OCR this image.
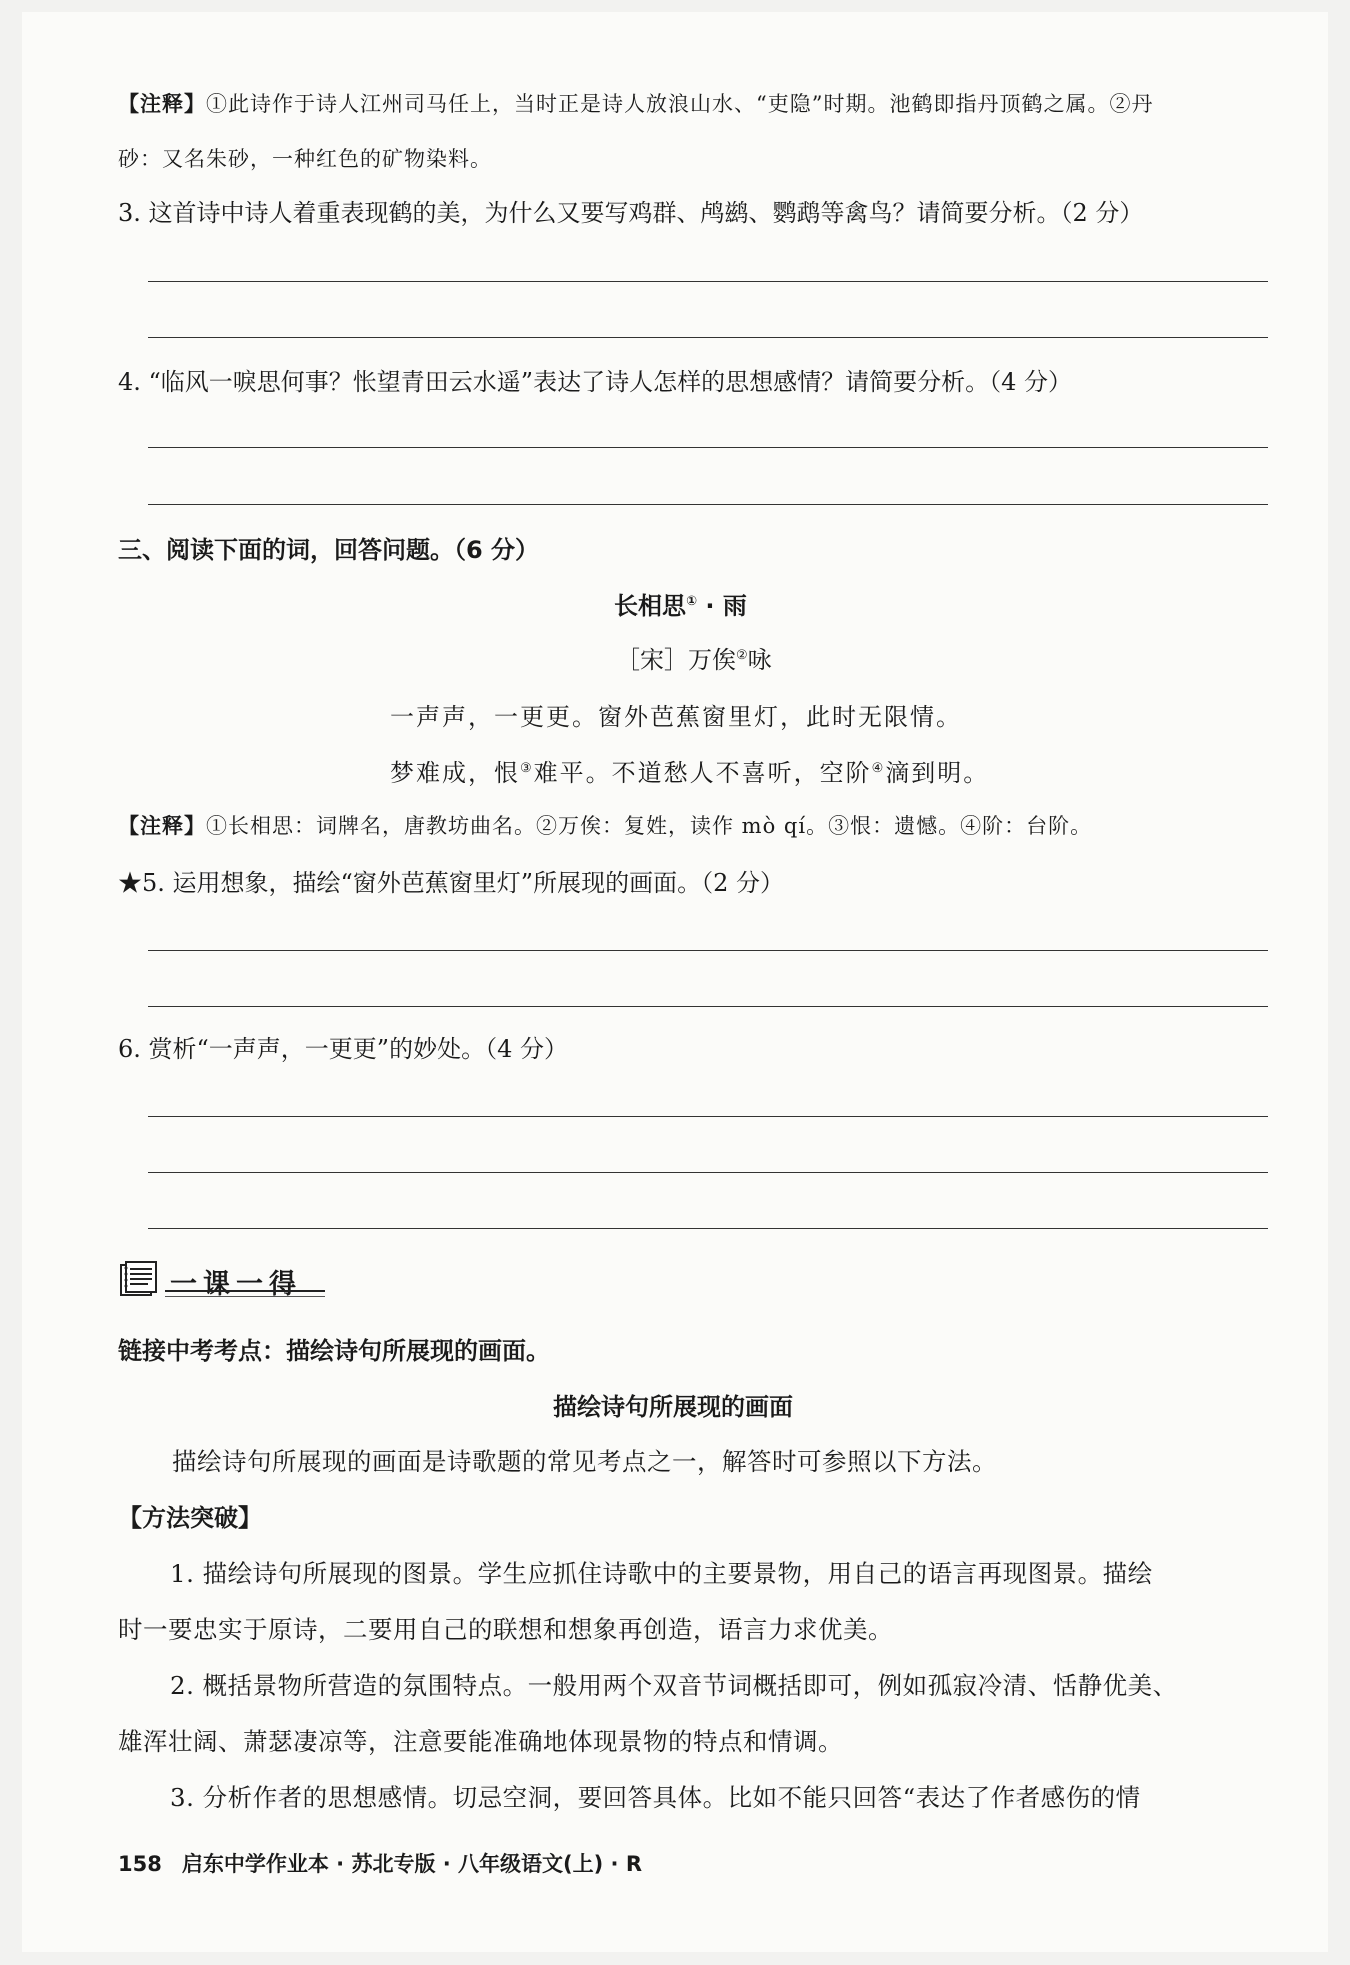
【注释】①此诗作于诗人江州司马任上，当时正是诗人放浪山水、“吏隐”时期。池鹤即指丹顶鹤之属。②丹
砂：又名朱砂，一种红色的矿物染料。
3. 这首诗中诗人着重表现鹤的美，为什么又要写鸡群、鸬鹚、鹦鹉等禽鸟？请简要分析。（2 分）
4. “临风一唳思何事？怅望青田云水遥”表达了诗人怎样的思想感情？请简要分析。（4 分）
三、阅读下面的词，回答问题。（6 分）
长相思① · 雨
［宋］万俟②咏
一声声，一更更。窗外芭蕉窗里灯，此时无限情。
梦难成，恨③难平。不道愁人不喜听，空阶④滴到明。
【注释】①长相思：词牌名，唐教坊曲名。②万俟：复姓，读作 mò qí。③恨：遗憾。④阶：台阶。
★5. 运用想象，描绘“窗外芭蕉窗里灯”所展现的画面。（2 分）
6. 赏析“一声声，一更更”的妙处。（4 分）
一课一得
链接中考考点：描绘诗句所展现的画面。
描绘诗句所展现的画面
描绘诗句所展现的画面是诗歌题的常见考点之一，解答时可参照以下方法。
【方法突破】
1. 描绘诗句所展现的图景。学生应抓住诗歌中的主要景物，用自己的语言再现图景。描绘
时一要忠实于原诗，二要用自己的联想和想象再创造，语言力求优美。
2. 概括景物所营造的氛围特点。一般用两个双音节词概括即可，例如孤寂冷清、恬静优美、
雄浑壮阔、萧瑟凄凉等，注意要能准确地体现景物的特点和情调。
3. 分析作者的思想感情。切忌空洞，要回答具体。比如不能只回答“表达了作者感伤的情
158 启东中学作业本 · 苏北专版 · 八年级语文(上) · R
